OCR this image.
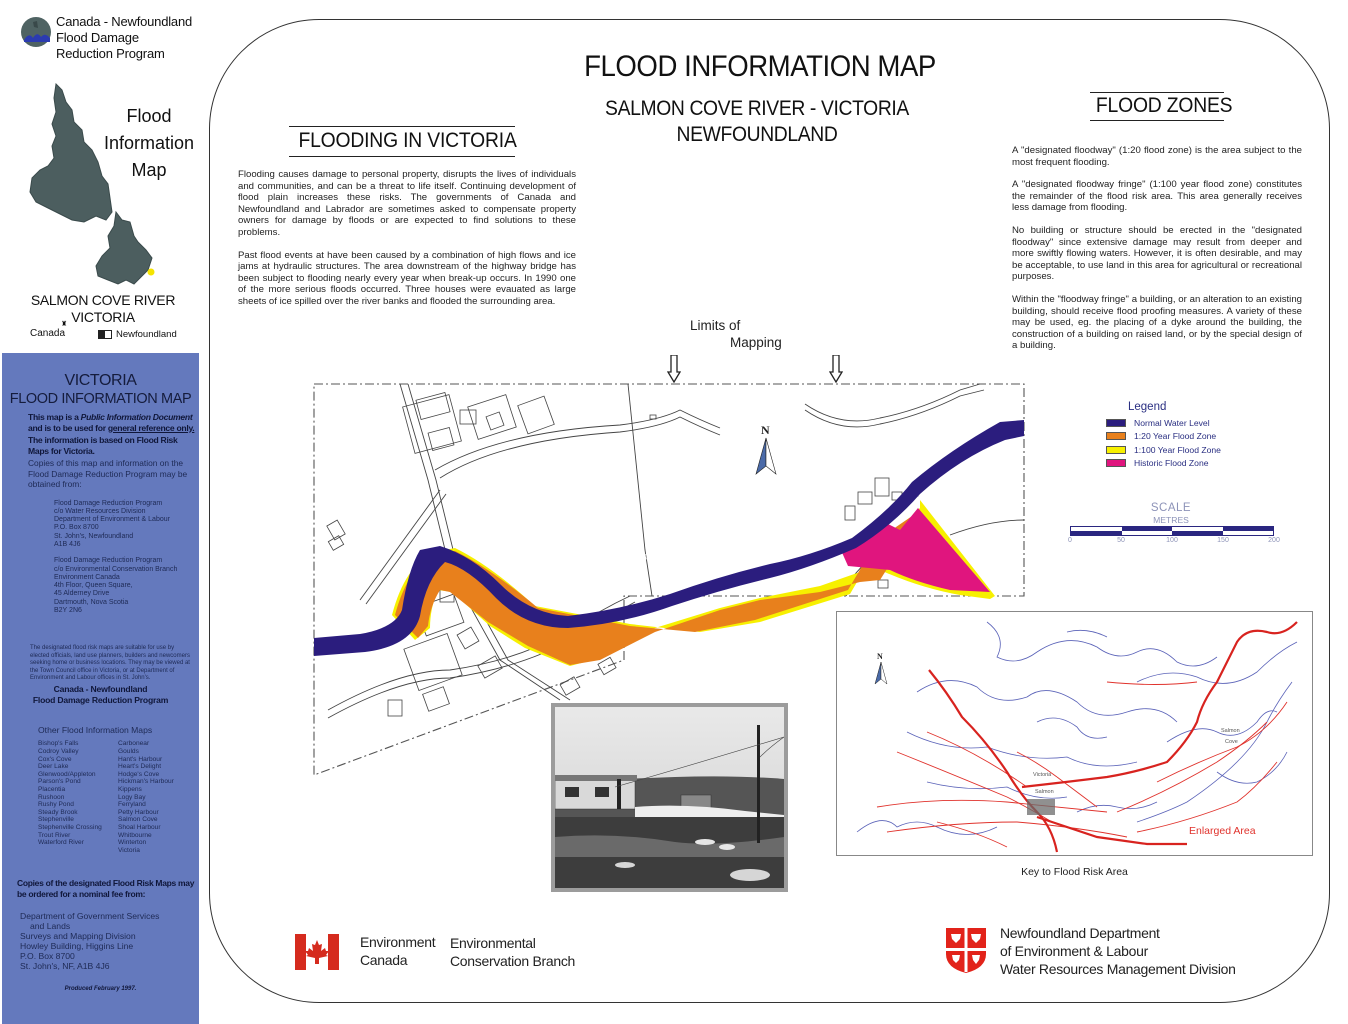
Canada - Newfoundland
Flood Damage
Reduction Program
Flood
Information
Map
SALMON COVE RIVER
VICTORIA
Canada
♜
Newfoundland
VICTORIA
FLOOD INFORMATION MAP
This map is a Public Information Document and is to be used for general reference only.
The information is based on Flood Risk Maps for Victoria.
Copies of this map and information on the Flood Damage Reduction Program may be obtained from:
Flood Damage Reduction Program
c/o Water Resources Division
Department of Environment & Labour
P.O. Box 8700
St. John's, Newfoundland
A1B 4J6
Flood Damage Reduction Program
c/o Environmental Conservation Branch
Environment Canada
4th Floor, Queen Square,
45 Alderney Drive
Dartmouth, Nova Scotia
B2Y 2N6
The designated flood risk maps are suitable for use by elected officials, land use planners, builders and newcomers seeking home or business locations. They may be viewed at the Town Council office in Victoria, or at Department of Environment and Labour offices in St. John's.
Canada - Newfoundland
Flood Damage Reduction Program
Other Flood Information Maps
Bishop's Falls
Codroy Valley
Cox's Cove
Deer Lake
Glenwood/Appleton
Parson's Pond
Placentia
Rushoon
Rushy Pond
Steady Brook
Stephenville
Stephenville Crossing
Trout River
Waterford River
Carbonear
Goulds
Hant's Harbour
Heart's Delight
Hodge's Cove
Hickman's Harbour
Kippens
Logy Bay
Ferryland
Petty Harbour
Salmon Cove
Shoal Harbour
Whitbourne
Winterton
Victoria
Copies of the designated Flood Risk Maps may be ordered for a nominal fee from:
Department of Government Services
and Lands
Surveys and Mapping Division
Howley Building, Higgins Line
P.O. Box 8700
St. John's, NF, A1B 4J6
Produced February 1997.
FLOOD INFORMATION MAP
SALMON COVE RIVER - VICTORIA
NEWFOUNDLAND
FLOODING IN VICTORIA
Flooding causes damage to personal property, disrupts the lives of individuals and communities, and can be a threat to life itself. Continuing development of flood plain increases these risks. The governments of Canada and Newfoundland and Labrador are sometimes asked to compensate property owners for damage by floods or are expected to find solutions to these problems.
Past flood events at have been caused by a combination of high flows and ice jams at hydraulic structures. The area downstream of the highway bridge has been subject to flooding nearly every year when break-up occurs. In 1990 one of the more serious floods occurred. Three houses were evauated as large sheets of ice spilled over the river banks and flooded the surrounding area.
FLOOD ZONES
A "designated floodway" (1:20 flood zone) is the area subject to the most frequent flooding.
A "designated floodway fringe" (1:100 year flood zone) constitutes the remainder of the flood risk area. This area generally receives less damage from flooding.
No building or structure should be erected in the "designated floodway" since extensive damage may result from deeper and more swiftly flowing waters. However, it is often desirable, and may be acceptable, to use land in this area for agricultural or recreational purposes.
Within the "floodway fringe" a building, or an alteration to an existing building, should receive flood proofing measures. A variety of these may be used, eg. the placing of a dyke around the building, the construction of a building on raised land, or by the special design of a building.
Limits of
Mapping
Salmon
Cove
River
N
Legend
Normal Water Level
1:20 Year Flood Zone
1:100 Year Flood Zone
Historic Flood Zone
SCALE
METRES
0	50	100	150	200
Victoria
Salmon
Salmon
Cove
Enlarged Area
N
Key to Flood Risk Area
Environment
Canada
Environmental
Conservation Branch
Newfoundland Department
of Environment & Labour
Water Resources Management Division
